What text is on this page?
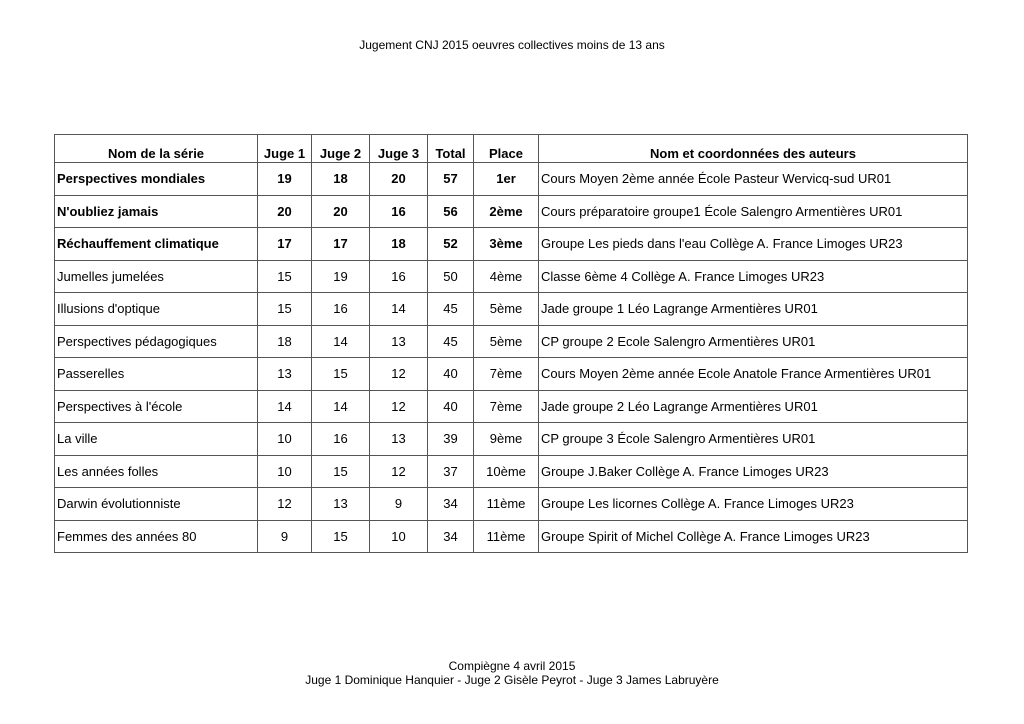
Jugement CNJ 2015 oeuvres collectives moins de 13 ans
Nom de la série	Juge 1	Juge 2	Juge 3	Total	Place	Nom et coordonnées des auteurs
Perspectives mondiales	19	18	20	57	1er	Cours Moyen 2ème année École Pasteur Wervicq-sud UR01
N'oubliez jamais	20	20	16	56	2ème	Cours préparatoire groupe1 École Salengro Armentières UR01
Réchauffement climatique	17	17	18	52	3ème	Groupe Les pieds dans l'eau Collège A. France Limoges UR23
Jumelles jumelées	15	19	16	50	4ème	Classe 6ème 4 Collège A. France Limoges UR23
Illusions d'optique	15	16	14	45	5ème	Jade groupe 1 Léo Lagrange Armentières UR01
Perspectives pédagogiques	18	14	13	45	5ème	CP groupe 2 Ecole Salengro Armentières UR01
Passerelles	13	15	12	40	7ème	Cours Moyen 2ème année Ecole Anatole France Armentières UR01
Perspectives à l'école	14	14	12	40	7ème	Jade groupe 2 Léo Lagrange Armentières UR01
La ville	10	16	13	39	9ème	CP groupe 3 École Salengro Armentières UR01
Les années folles	10	15	12	37	10ème	Groupe J.Baker Collège A. France Limoges UR23
Darwin évolutionniste	12	13	9	34	11ème	Groupe Les licornes Collège A. France Limoges UR23
Femmes des années 80	9	15	10	34	11ème	Groupe Spirit of Michel Collège A. France Limoges UR23
Compiègne 4 avril 2015
Juge 1 Dominique Hanquier - Juge 2 Gisèle Peyrot - Juge 3 James Labruyère
